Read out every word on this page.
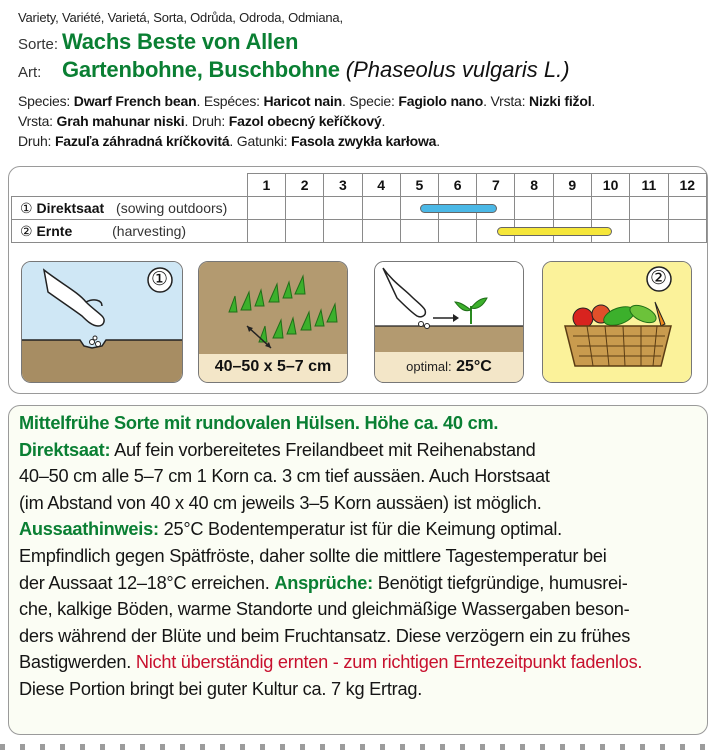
Variety, Variété, Varietá, Sorta, Odrůda, Odroda, Odmiana,
Sorte: Wachs Beste von Allen
Art: Gartenbohne, Buschbohne (Phaseolus vulgaris L.)
Species: Dwarf French bean. Espéces: Haricot nain. Specie: Fagiolo nano. Vrsta: Nizki fižol.
Vrsta: Grah mahunar niski. Druh: Fazol obecný keříčkový.
Druh: Fazuľa záhradná kríčkovitá. Gatunki: Fasola zwykła karłowa.
	1	2	3	4	5	6	7	8	9	10	11	12
① Direktsaat (sowing outdoors)												
② Ernte (harvesting)												
①
40–50 x 5–7 cm	optimal: 25°C
②

Mittelfrühe Sorte mit rundovalen Hülsen. Höhe ca. 40 cm.

Direktsaat: Auf fein vorbereitetes Freilandbeet mit Reihenabstand

40–50 cm alle 5–7 cm 1 Korn ca. 3 cm tief aussäen. Auch Horstsaat

(im Abstand von 40 x 40 cm jeweils 3–5 Korn aussäen) ist möglich.

Aussaathinweis: 25°C Bodentemperatur ist für die Keimung optimal.

Empfindlich gegen Spätfröste, daher sollte die mittlere Tagestemperatur bei

der Aussaat 12–18°C erreichen. Ansprüche: Benötigt tiefgründige, humusrei-

che, kalkige Böden, warme Standorte und gleichmäßige Wassergaben beson-

ders während der Blüte und beim Fruchtansatz. Diese verzögern ein zu frühes

Bastigwerden. Nicht überständig ernten - zum richtigen Erntezeitpunkt fadenlos.

Diese Portion bringt bei guter Kultur ca. 7 kg Ertrag.
